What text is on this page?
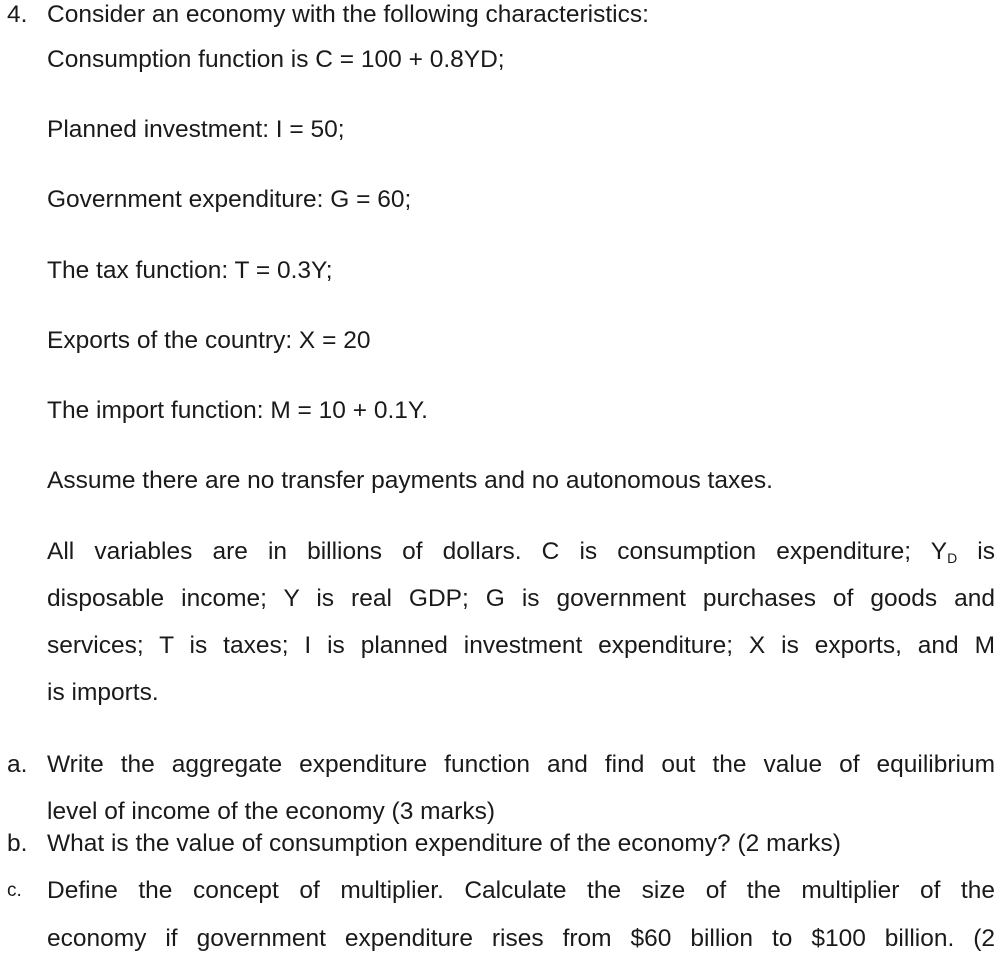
4. Consider an economy with the following characteristics:
Consumption function is C = 100 + 0.8YD;
Planned investment: I = 50;
Government expenditure: G = 60;
The tax function: T = 0.3Y;
Exports of the country: X = 20
The import function: M = 10 + 0.1Y.
Assume there are no transfer payments and no autonomous taxes.
All variables are in billions of dollars. C is consumption expenditure; $Y_D$ is
disposable income; Y is real GDP; G is government purchases of goods and
services; T is taxes; I is planned investment expenditure; X is exports, and M
is imports.
a. Write the aggregate expenditure function and find out the value of equilibrium
level of income of the economy (3 marks)
b. What is the value of consumption expenditure of the economy? (2 marks)
c. Define the concept of multiplier. Calculate the size of the multiplier of the
economy if government expenditure rises from $60 billion to $100 billion. (2
